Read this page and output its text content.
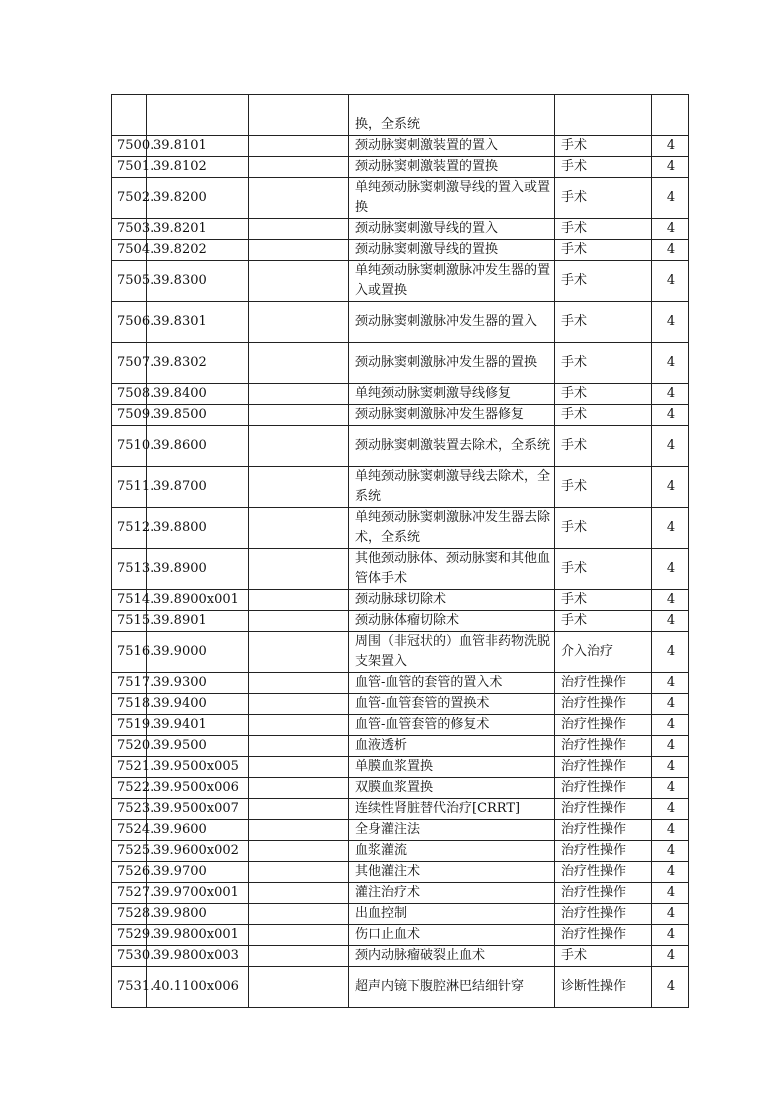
			换，全系统		
7500.	39.8101		颈动脉窦刺激装置的置入	手术	4
7501.	39.8102		颈动脉窦刺激装置的置换	手术	4
7502.	39.8200		单纯颈动脉窦刺激导线的置入或置换	手术	4
7503.	39.8201		颈动脉窦刺激导线的置入	手术	4
7504.	39.8202		颈动脉窦刺激导线的置换	手术	4
7505.	39.8300		单纯颈动脉窦刺激脉冲发生器的置入或置换	手术	4
7506.	39.8301		颈动脉窦刺激脉冲发生器的置入	手术	4
7507.	39.8302		颈动脉窦刺激脉冲发生器的置换	手术	4
7508.	39.8400		单纯颈动脉窦刺激导线修复	手术	4
7509.	39.8500		颈动脉窦刺激脉冲发生器修复	手术	4
7510.	39.8600		颈动脉窦刺激装置去除术，全系统	手术	4
7511.	39.8700		单纯颈动脉窦刺激导线去除术，全系统	手术	4
7512.	39.8800		单纯颈动脉窦刺激脉冲发生器去除术，全系统	手术	4
7513.	39.8900		其他颈动脉体、颈动脉窦和其他血管体手术	手术	4
7514.	39.8900x001		颈动脉球切除术	手术	4
7515.	39.8901		颈动脉体瘤切除术	手术	4
7516.	39.9000		周围（非冠状的）血管非药物洗脱支架置入	介入治疗	4
7517.	39.9300		血管-血管的套管的置入术	治疗性操作	4
7518.	39.9400		血管-血管套管的置换术	治疗性操作	4
7519.	39.9401		血管-血管套管的修复术	治疗性操作	4
7520.	39.9500		血液透析	治疗性操作	4
7521.	39.9500x005		单膜血浆置换	治疗性操作	4
7522.	39.9500x006		双膜血浆置换	治疗性操作	4
7523.	39.9500x007		连续性肾脏替代治疗[CRRT]	治疗性操作	4
7524.	39.9600		全身灌注法	治疗性操作	4
7525.	39.9600x002		血浆灌流	治疗性操作	4
7526.	39.9700		其他灌注术	治疗性操作	4
7527.	39.9700x001		灌注治疗术	治疗性操作	4
7528.	39.9800		出血控制	治疗性操作	4
7529.	39.9800x001		伤口止血术	治疗性操作	4
7530.	39.9800x003		颈内动脉瘤破裂止血术	手术	4
7531.	40.1100x006		超声内镜下腹腔淋巴结细针穿	诊断性操作	4
